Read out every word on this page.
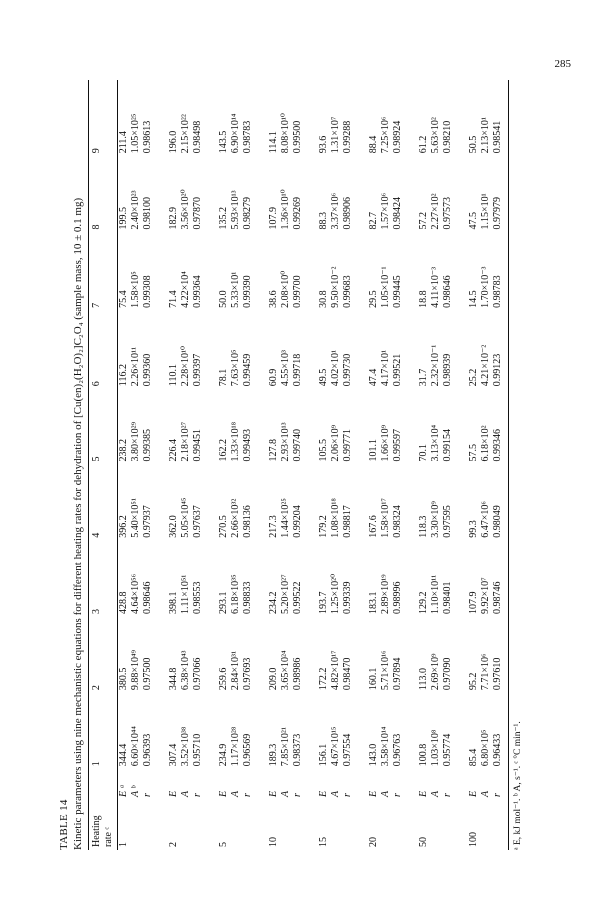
285

TABLE 14 Kinetic parameters using nine mechanistic equations for different heating rates for dehydration of [Cu(en)₂(H₂O)₂]C₂O₄ (sample mass, 10 ± 0.1 mg) Heating rate ᶜ		1	2	3	4	5	6	7	8	9
1	E ᵃ	344.4	380.5	428.8	396.2	238.2	116.2	75.4	199.5	211.4
	A ᵇ	6.60×10⁴⁴	9.88×10⁴⁹	4.64×10⁵⁶	5.40×10⁵¹	3.80×10²⁹	2.26×10¹¹	1.58×10⁵	2.40×10²³	1.05×10²⁵
	r	0.96393	0.97500	0.98646	0.97937	0.99385	0.99360	0.99308	0.98100	0.98613
2	E	307.4	344.8	398.1	362.0	226.4	110.1	71.4	182.9	196.0
	A	3.52×10³⁸	6.38×10⁴³	1.11×10⁵¹	5.05×10⁴⁵	2.18×10²⁷	2.28×10¹⁰	4.22×10⁴	3.56×10²⁰	2.15×10²²
	r	0.95710	0.97066	0.98553	0.97637	0.99451	0.99397	0.99364	0.97870	0.98498
5	E	234.9	259.6	293.1	270.5	162.2	78.1	50.0	135.2	143.5
	A	1.17×10²⁸	2.84×10³¹	6.18×10³⁵	2.66×10³²	1.33×10¹⁸	7.63×10⁵	5.33×10¹	5.93×10¹³	6.90×10¹⁴
	r	0.96569	0.97693	0.98833	0.98136	0.99493	0.99459	0.99390	0.98279	0.98783
10	E	189.3	209.0	234.2	217.3	127.8	60.9	38.6	107.9	114.1
	A	7.85×10²¹	3.65×10²⁴	5.20×10²⁷	1.44×10²⁵	2.93×10¹³	4.55×10³	2.08×10⁰	1.36×10¹⁰	8.08×10¹⁰
	r	0.98373	0.98986	0.99522	0.99204	0.99740	0.99718	0.99700	0.99269	0.99500
15	E	156.1	172.2	193.7	179.2	105.5	49.5	30.8	88.3	93.6
	A	4.67×10¹⁵	4.82×10¹⁷	1.25×10²⁰	1.08×10¹⁸	2.06×10⁹	4.02×10¹	9.50×10⁻²	3.37×10⁶	1.31×10⁷
	r	0.97554	0.98470	0.99339	0.98817	0.99771	0.99730	0.99683	0.98906	0.99288
20	E	143.0	160.1	183.1	167.6	101.1	47.4	29.5	82.7	88.4
	A	3.58×10¹⁴	5.71×10¹⁶	2.89×10¹⁹	1.58×10¹⁷	1.66×10⁹	4.17×10¹	1.05×10⁻¹	1.57×10⁶	7.25×10⁶
	r	0.96763	0.97894	0.98996	0.98324	0.99597	0.99521	0.99445	0.98424	0.98924
50	E	100.8	113.0	129.2	118.3	70.1	31.7	18.8	57.2	61.2
	A	1.03×10⁸	2.69×10⁹	1.10×10¹¹	3.30×10⁹	3.13×10⁴	2.32×10⁻¹	4.11×10⁻³	2.27×10²	5.63×10²
	r	0.95774	0.97090	0.98401	0.97595	0.99154	0.98939	0.98646	0.97573	0.98210
100	E	85.4	95.2	107.9	99.3	57.5	25.2	14.5	47.5	50.5
	A	6.80×10⁵	7.71×10⁶	9.92×10⁷	6.47×10⁶	6.18×10²	4.21×10⁻²	1.70×10⁻³	1.15×10¹	2.13×10¹
	r	0.96433	0.97610	0.98746	0.98049	0.99346	0.99123	0.98783	0.97979	0.98541
ᵃ E, kJ mol⁻¹. ᵇ A, s⁻¹. ᶜ °C min⁻¹.
